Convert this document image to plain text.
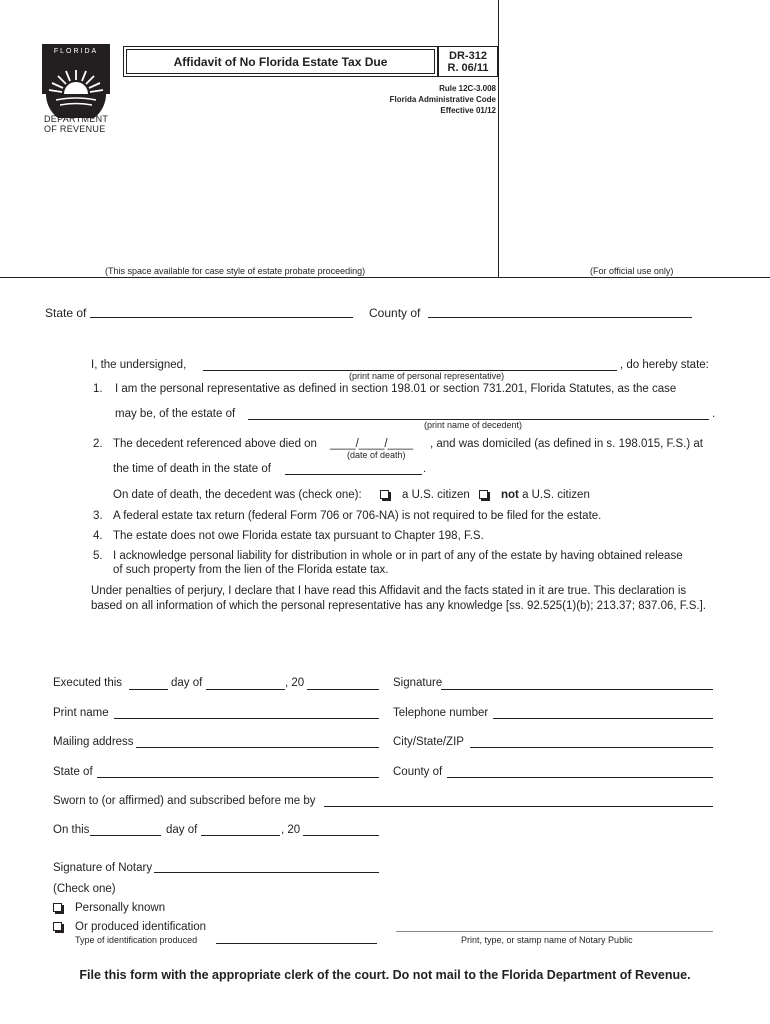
FLORIDA
DEPARTMENT
OF REVENUE
Affidavit of No Florida Estate Tax Due	DR-312
R. 06/11
Rule 12C-3.008
Florida Administrative Code
Effective 01/12
(This space available for case style of estate probate proceeding)	(For official use only)
State of	County of
I, the undersigned,	, do hereby state:
(print name of personal representative)
1. I am the personal representative as defined in section 198.01 or section 731.201, Florida Statutes, as the case
may be, of the estate of	.
(print name of decedent)
2. The decedent referenced above died on ____/____/____ , and was domiciled (as defined in s. 198.015, F.S.) at
(date of death)
the time of death in the state of	.
On date of death, the decedent was (check one):	a U.S. citizen	not a U.S. citizen
3. A federal estate tax return (federal Form 706 or 706-NA) is not required to be filed for the estate.
4. The estate does not owe Florida estate tax pursuant to Chapter 198, F.S.
5. I acknowledge personal liability for distribution in whole or in part of any of the estate by having obtained release
of such property from the lien of the Florida estate tax.
Under penalties of perjury, I declare that I have read this Affidavit and the facts stated in it are true. This declaration is
based on all information of which the personal representative has any knowledge [ss. 92.525(1)(b); 213.37; 837.06, F.S.].
Executed this	day of	, 20	Signature
Print name	Telephone number
Mailing address	City/State/ZIP
State of	County of
Sworn to (or affirmed) and subscribed before me by
On this	day of	, 20
Signature of Notary
(Check one)
Personally known
Or produced identification
Type of identification produced	Print, type, or stamp name of Notary Public
File this form with the appropriate clerk of the court. Do not mail to the Florida Department of Revenue.
